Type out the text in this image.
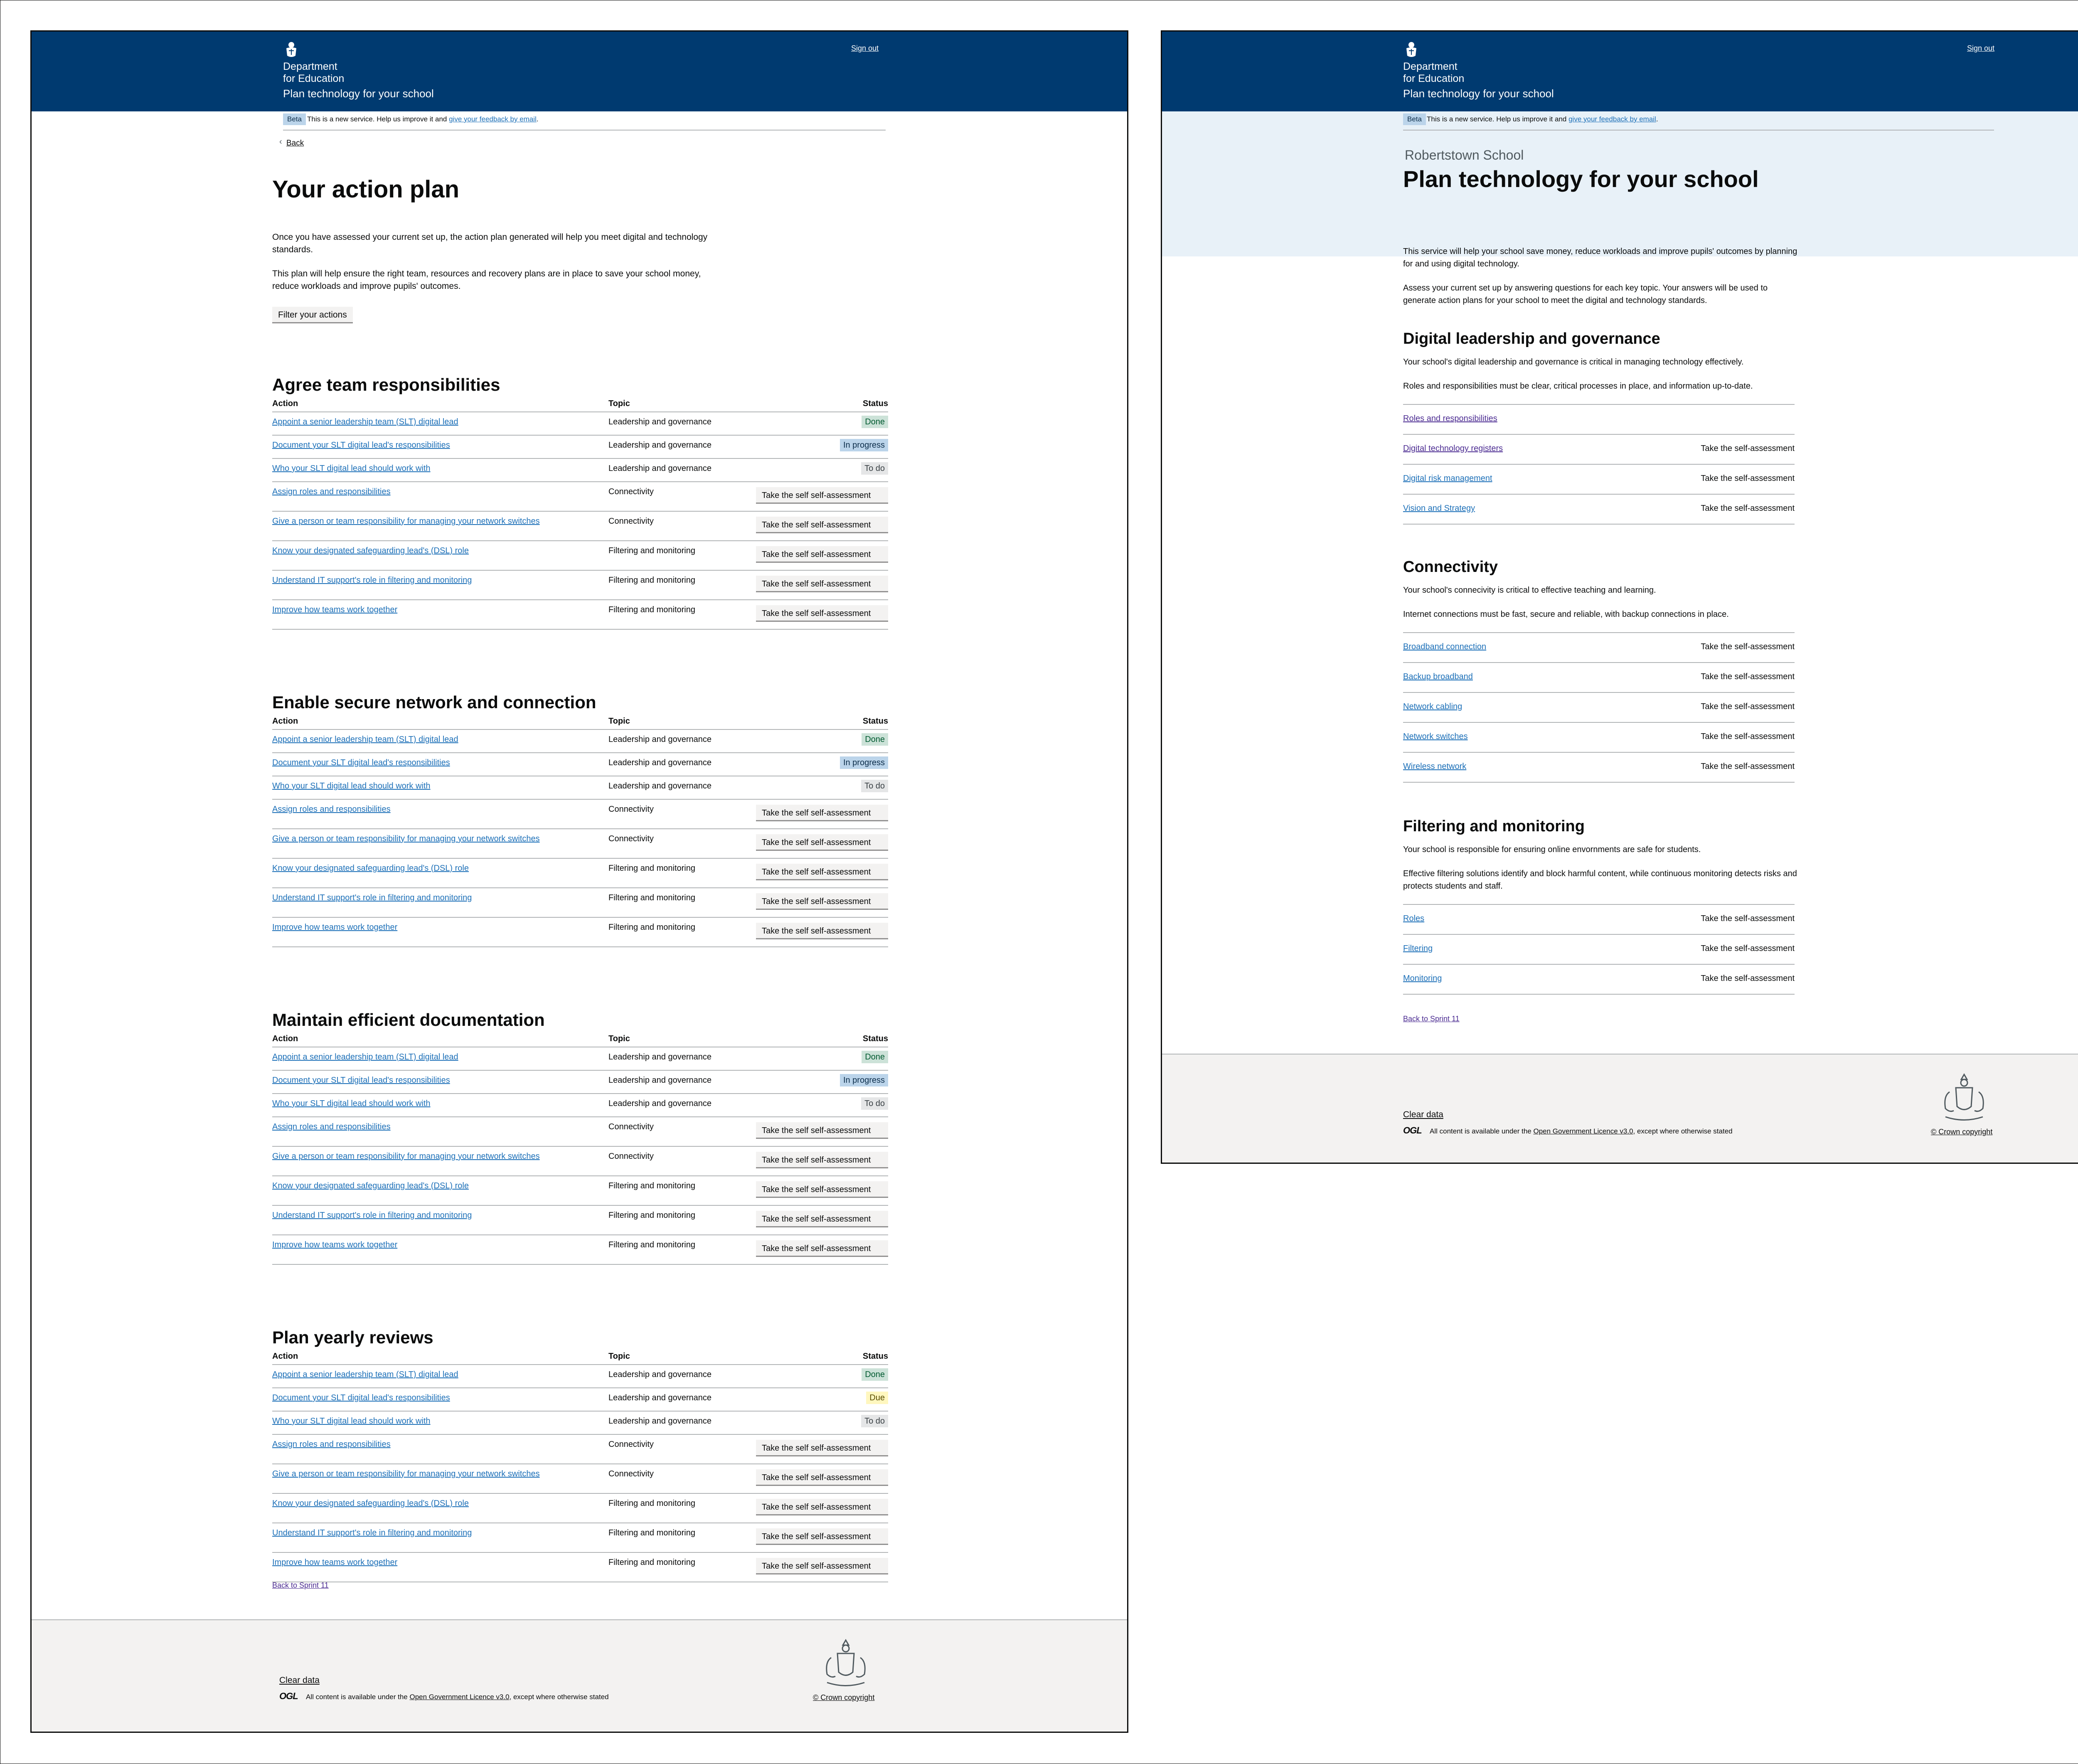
Department
for Education
Plan technology for your school
Sign out
Beta This is a new service. Help us improve it and give your feedback by email.
‹ Back
Your action plan
Once you have assessed your current set up, the action plan generated will help you meet digital and technology standards.
This plan will help ensure the right team, resources and recovery plans are in place to save your school money, reduce workloads and improve pupils' outcomes.
Filter your actions
Agree team responsibilities
Action	Topic	Status
Appoint a senior leadership team (SLT) digital lead	Leadership and governance	Done
Document your SLT digital lead's responsibilities	Leadership and governance	In progress
Who your SLT digital lead should work with	Leadership and governance	To do
Assign roles and responsibilities	Connectivity	Take the self self-assessment
Give a person or team responsibility for managing your network switches	Connectivity	Take the self self-assessment
Know your designated safeguarding lead's (DSL) role	Filtering and monitoring	Take the self self-assessment
Understand IT support's role in filtering and monitoring	Filtering and monitoring	Take the self self-assessment
Improve how teams work together	Filtering and monitoring	Take the self self-assessment
Enable secure network and connection
Action	Topic	Status
Appoint a senior leadership team (SLT) digital lead	Leadership and governance	Done
Document your SLT digital lead's responsibilities	Leadership and governance	In progress
Who your SLT digital lead should work with	Leadership and governance	To do
Assign roles and responsibilities	Connectivity	Take the self self-assessment
Give a person or team responsibility for managing your network switches	Connectivity	Take the self self-assessment
Know your designated safeguarding lead's (DSL) role	Filtering and monitoring	Take the self self-assessment
Understand IT support's role in filtering and monitoring	Filtering and monitoring	Take the self self-assessment
Improve how teams work together	Filtering and monitoring	Take the self self-assessment
Maintain efficient documentation
Action	Topic	Status
Appoint a senior leadership team (SLT) digital lead	Leadership and governance	Done
Document your SLT digital lead's responsibilities	Leadership and governance	In progress
Who your SLT digital lead should work with	Leadership and governance	To do
Assign roles and responsibilities	Connectivity	Take the self self-assessment
Give a person or team responsibility for managing your network switches	Connectivity	Take the self self-assessment
Know your designated safeguarding lead's (DSL) role	Filtering and monitoring	Take the self self-assessment
Understand IT support's role in filtering and monitoring	Filtering and monitoring	Take the self self-assessment
Improve how teams work together	Filtering and monitoring	Take the self self-assessment
Plan yearly reviews
Action	Topic	Status
Appoint a senior leadership team (SLT) digital lead	Leadership and governance	Done
Document your SLT digital lead's responsibilities	Leadership and governance	Due
Who your SLT digital lead should work with	Leadership and governance	To do
Assign roles and responsibilities	Connectivity	Take the self self-assessment
Give a person or team responsibility for managing your network switches	Connectivity	Take the self self-assessment
Know your designated safeguarding lead's (DSL) role	Filtering and monitoring	Take the self self-assessment
Understand IT support's role in filtering and monitoring	Filtering and monitoring	Take the self self-assessment
Improve how teams work together	Filtering and monitoring	Take the self self-assessment
Back to Sprint 11
Clear data
OGL All content is available under the Open Government Licence v3.0, except where otherwise stated	© Crown copyright
Department
for Education
Plan technology for your school
Sign out
Beta This is a new service. Help us improve it and give your feedback by email.
Robertstown School
Plan technology for your school
This service will help your school save money, reduce workloads and improve pupils' outcomes by planning for and using digital technology.
Assess your current set up by answering questions for each key topic. Your answers will be used to generate action plans for your school to meet the digital and technology standards.
Digital leadership and governance
Your school's digital leadership and governance is critical in managing technology effectively.
Roles and responsibilities must be clear, critical processes in place, and information up-to-date.
Roles and responsibilities
Digital technology registers	Take the self-assessment
Digital risk management	Take the self-assessment
Vision and Strategy	Take the self-assessment
Connectivity
Your school's connecivity is critical to effective teaching and learning.
Internet connections must be fast, secure and reliable, with backup connections in place.
Broadband connection	Take the self-assessment
Backup broadband	Take the self-assessment
Network cabling	Take the self-assessment
Network switches	Take the self-assessment
Wireless network	Take the self-assessment
Filtering and monitoring
Your school is responsible for ensuring online envornments are safe for students.
Effective filtering solutions identify and block harmful content, while continuous monitoring detects risks and protects students and staff.
Roles	Take the self-assessment
Filtering	Take the self-assessment
Monitoring	Take the self-assessment
Back to Sprint 11
Clear data
OGL All content is available under the Open Government Licence v3.0, except where otherwise stated	© Crown copyright
